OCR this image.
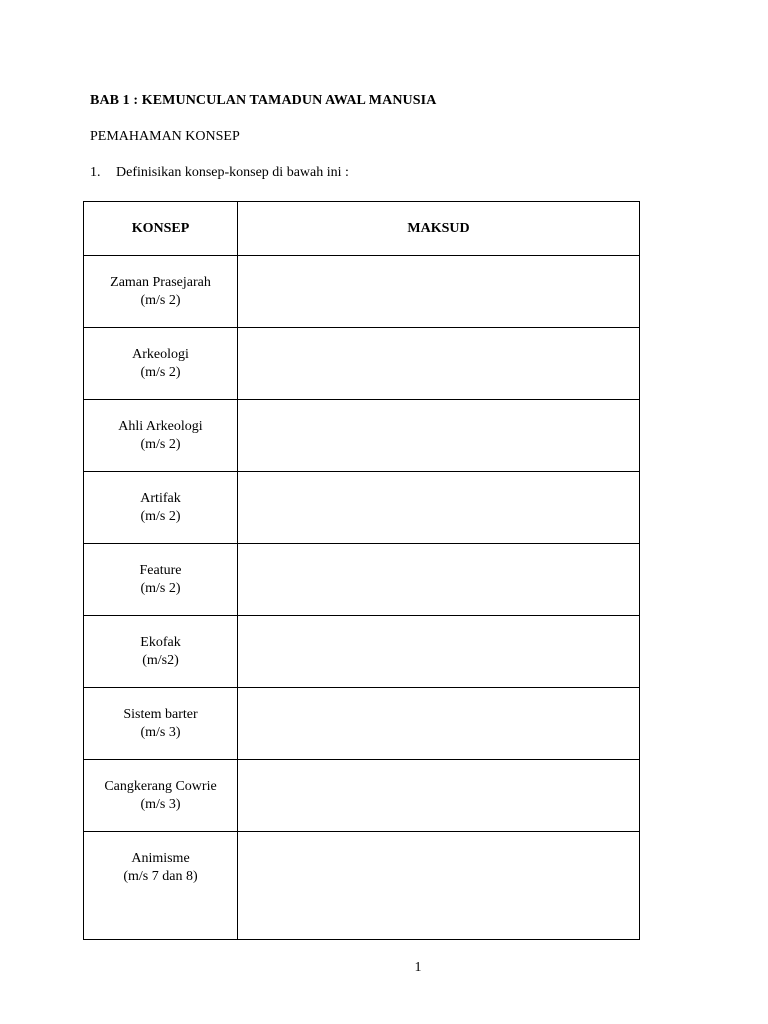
BAB 1 : KEMUNCULAN TAMADUN AWAL MANUSIA
PEMAHAMAN KONSEP
1. Definisikan konsep-konsep di bawah ini :
KONSEP	MAKSUD

Zaman Prasejarah
(m/s 2)	

Arkeologi
(m/s 2)	

Ahli Arkeologi
(m/s 2)	

Artifak
(m/s 2)	

Feature
(m/s 2)	

Ekofak
(m/s2)	

Sistem barter
(m/s 3)	

Cangkerang Cowrie
(m/s 3)	

Animisme
(m/s 7 dan 8)	

1
